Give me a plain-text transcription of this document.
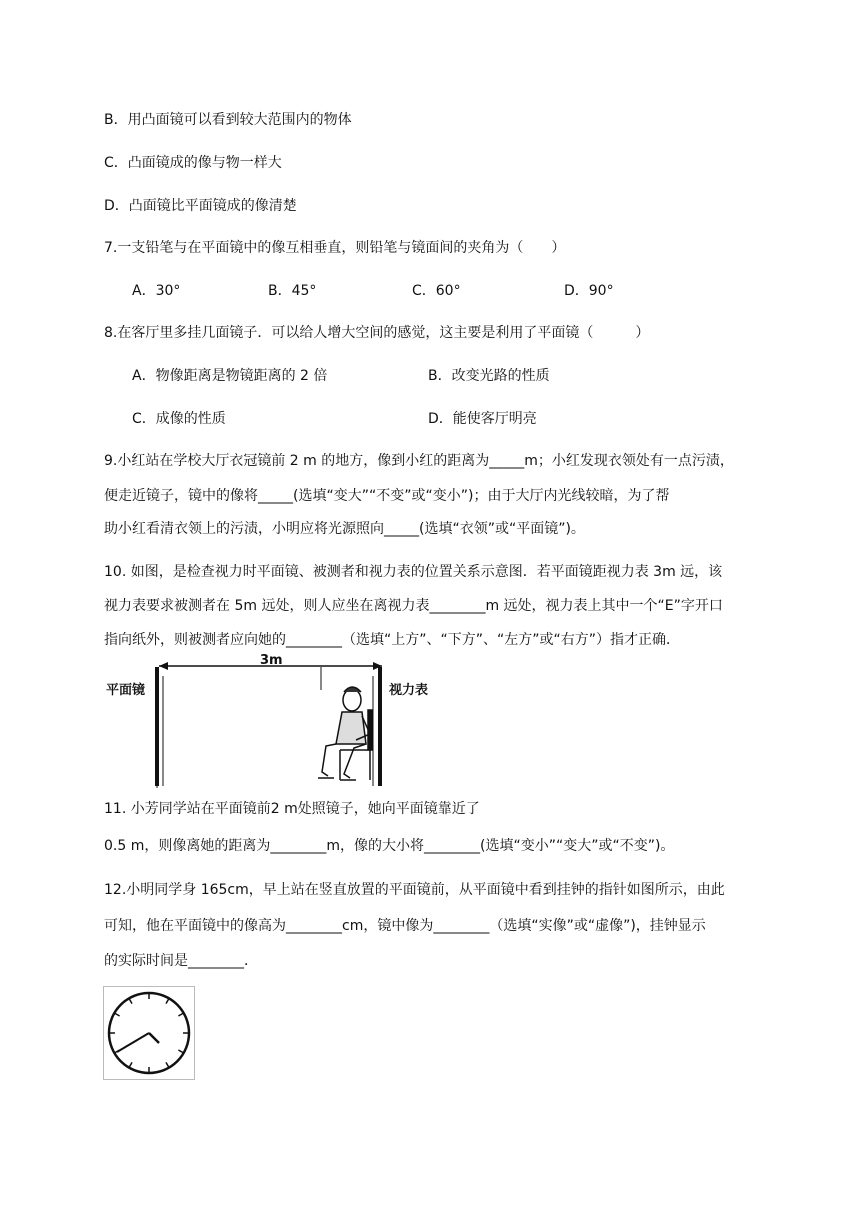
B．用凸面镜可以看到较大范围内的物体
C．凸面镜成的像与物一样大
D．凸面镜比平面镜成的像清楚
7.一支铅笔与在平面镜中的像互相垂直，则铅笔与镜面间的夹角为（　　）
A．30°	B．45°	C．60°	D．90°
8.在客厅里多挂几面镜子．可以给人增大空间的感觉，这主要是利用了平面镜（　　　）
A．物像距离是物镜距离的 2 倍	B．改变光路的性质
C．成像的性质	D．能使客厅明亮
9.小红站在学校大厅衣冠镜前 2 m 的地方，像到小红的距离为_____m；小红发现衣领处有一点污渍，
便走近镜子，镜中的像将_____(选填“变大”“不变”或“变小”)；由于大厅内光线较暗，为了帮
助小红看清衣领上的污渍，小明应将光源照向_____(选填“衣领”或“平面镜”)。
10. 如图，是检查视力时平面镜、被测者和视力表的位置关系示意图．若平面镜距视力表 3m 远，该
视力表要求被测者在 5m 远处，则人应坐在离视力表________m 远处，视力表上其中一个“E”字开口
指向纸外，则被测者应向她的________（选填“上方”、“下方”、“左方”或“右方”）指才正确．
平面镜
3m
视力表
11. 小芳同学站在平面镜前2 m处照镜子，她向平面镜靠近了
0.5 m，则像离她的距离为________m，像的大小将________(选填“变小”“变大”或“不变”)。
12.小明同学身 165cm，早上站在竖直放置的平面镜前，从平面镜中看到挂钟的指针如图所示，由此
可知，他在平面镜中的像高为________cm，镜中像为________（选填“实像”或“虚像”)，挂钟显示
的实际时间是________．
